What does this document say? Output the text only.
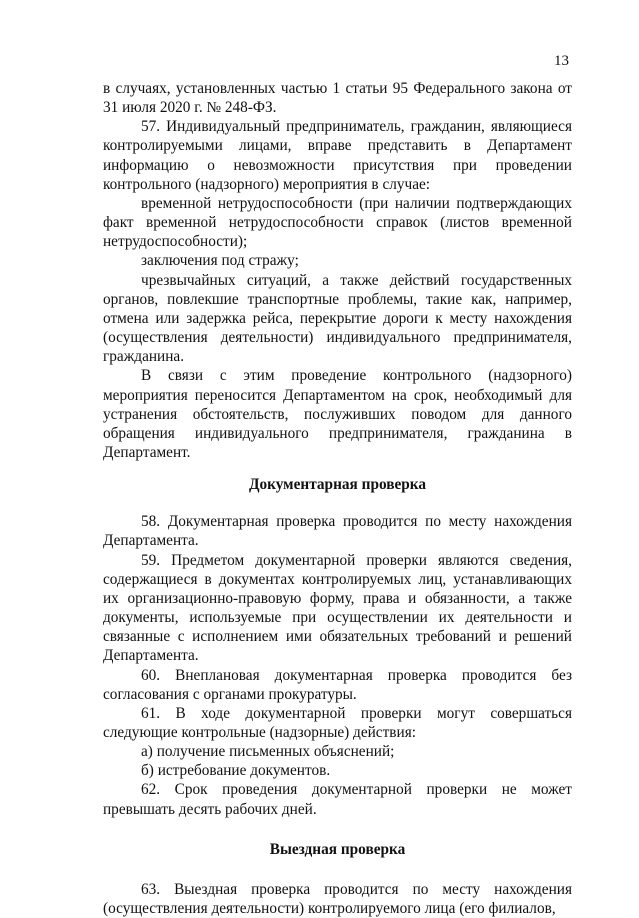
13

в случаях, установленных частью 1 статьи 95 Федерального закона от 31 июля 2020 г. № 248-ФЗ.

57. Индивидуальный предприниматель, гражданин, являющиеся контролируемыми лицами, вправе представить в Департамент информацию о невозможности присутствия при проведении контрольного (надзорного) мероприятия в случае:

временной нетрудоспособности (при наличии подтверждающих факт временной нетрудоспособности справок (листов временной нетрудоспособности);

заключения под стражу;

чрезвычайных ситуаций, а также действий государственных органов, повлекшие транспортные проблемы, такие как, например, отмена или задержка рейса, перекрытие дороги к месту нахождения (осуществления деятельности) индивидуального предпринимателя, гражданина.

В связи с этим проведение контрольного (надзорного) мероприятия переносится Департаментом на срок, необходимый для устранения обстоятельств, послуживших поводом для данного обращения индивидуального предпринимателя, гражданина в Департамент.

Документарная проверка

58. Документарная проверка проводится по месту нахождения Департамента.

59. Предметом документарной проверки являются сведения, содержащиеся в документах контролируемых лиц, устанавливающих их организационно-правовую форму, права и обязанности, а также документы, используемые при осуществлении их деятельности и связанные с исполнением ими обязательных требований и решений Департамента.

60. Внеплановая документарная проверка проводится без согласования с органами прокуратуры.

61. В ходе документарной проверки могут совершаться следующие контрольные (надзорные) действия:

а) получение письменных объяснений;

б) истребование документов.

62. Срок проведения документарной проверки не может превышать десять рабочих дней.

Выездная проверка

63. Выездная проверка проводится по месту нахождения (осуществления деятельности) контролируемого лица (его филиалов,
